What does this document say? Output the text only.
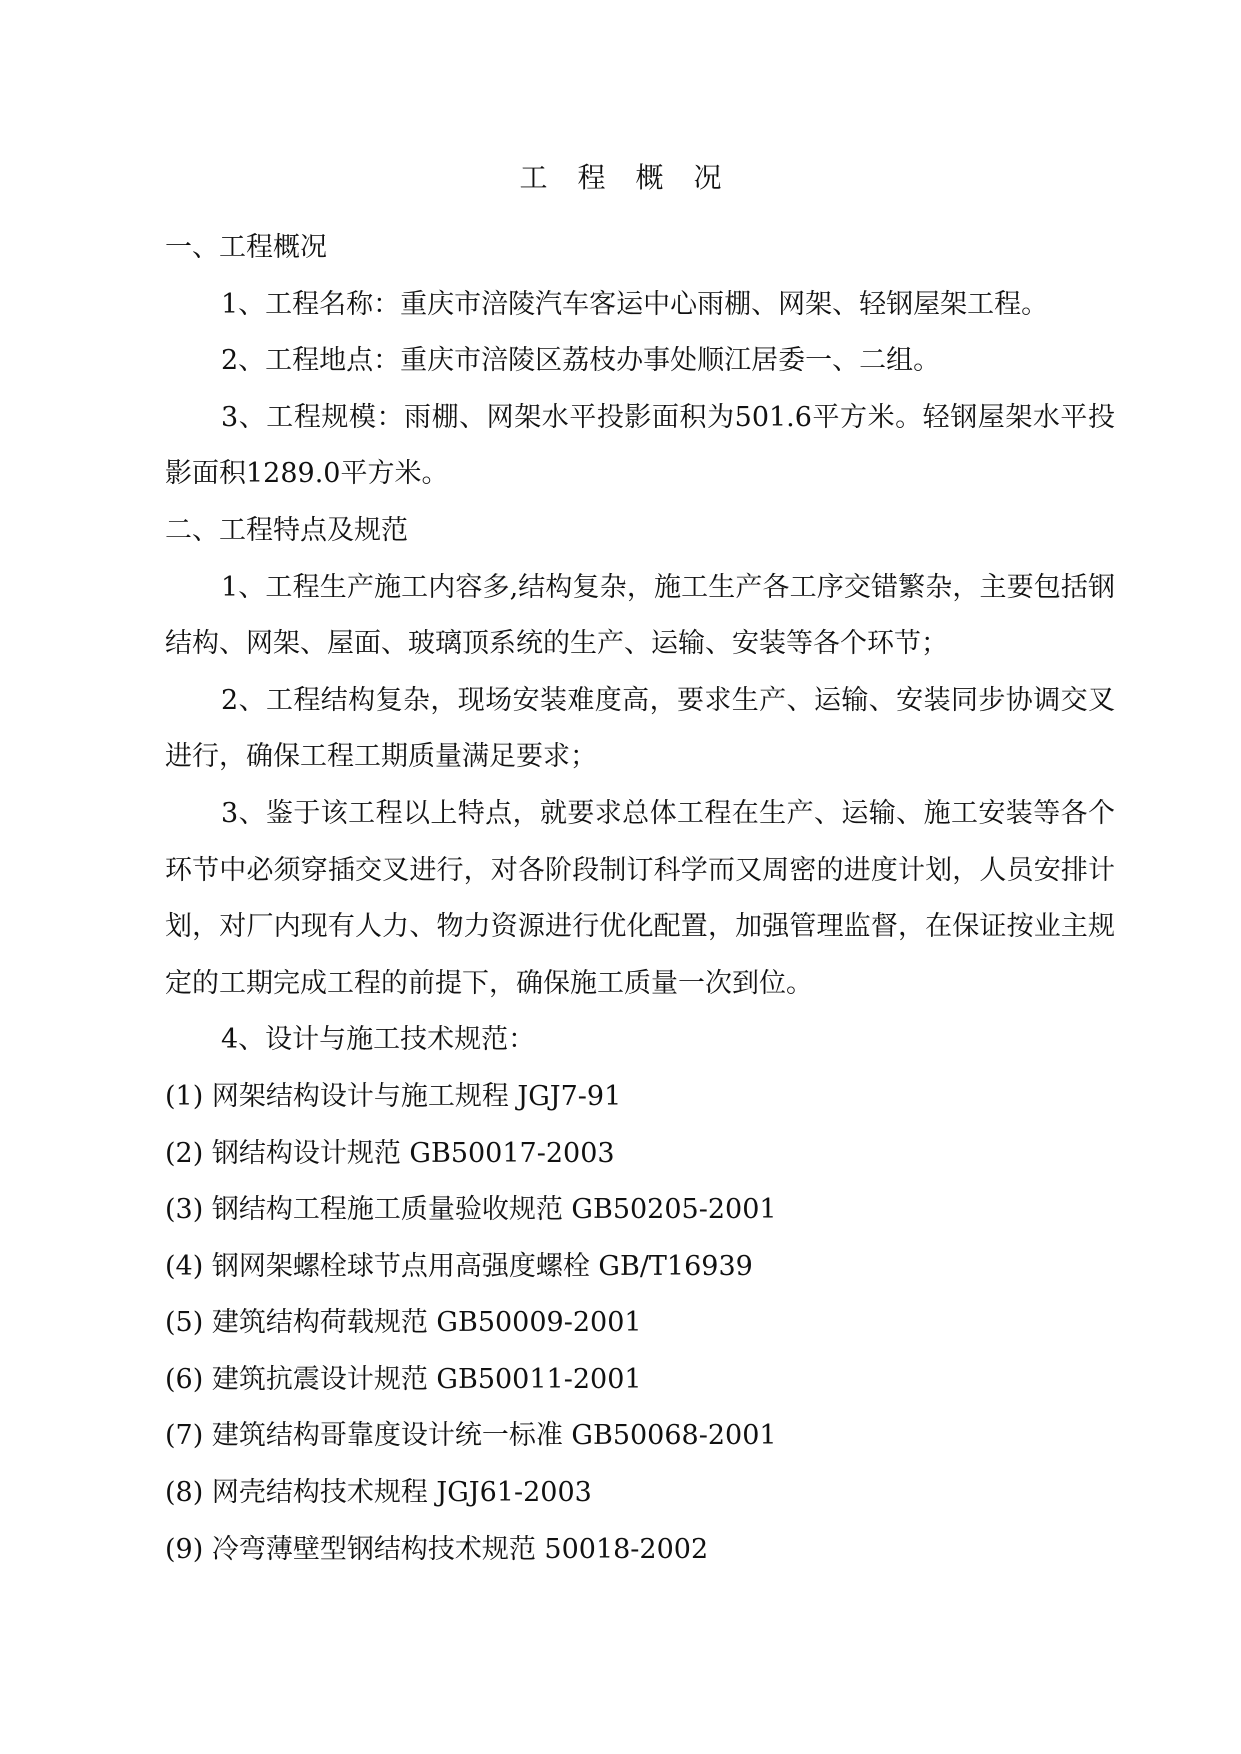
工程概况
一、工程概况

1、工程名称：重庆市涪陵汽车客运中心雨棚、网架、轻钢屋架工程。

2、工程地点：重庆市涪陵区荔枝办事处顺江居委一、二组。

3、工程规模：雨棚、网架水平投影面积为501.6平方米。轻钢屋架水平投影面积1289.0平方米。

二、工程特点及规范

1、工程生产施工内容多,结构复杂，施工生产各工序交错繁杂，主要包括钢结构、网架、屋面、玻璃顶系统的生产、运输、安装等各个环节；

2、工程结构复杂，现场安装难度高，要求生产、运输、安装同步协调交叉进行，确保工程工期质量满足要求；

3、鉴于该工程以上特点，就要求总体工程在生产、运输、施工安装等各个环节中必须穿插交叉进行，对各阶段制订科学而又周密的进度计划，人员安排计划，对厂内现有人力、物力资源进行优化配置，加强管理监督，在保证按业主规定的工期完成工程的前提下，确保施工质量一次到位。

4、设计与施工技术规范：

(1) 网架结构设计与施工规程 JGJ7-91

(2) 钢结构设计规范 GB50017-2003

(3) 钢结构工程施工质量验收规范 GB50205-2001

(4) 钢网架螺栓球节点用高强度螺栓 GB/T16939

(5) 建筑结构荷载规范 GB50009-2001

(6) 建筑抗震设计规范 GB50011-2001

(7) 建筑结构哥靠度设计统一标准 GB50068-2001

(8) 网壳结构技术规程 JGJ61-2003

(9) 冷弯薄壁型钢结构技术规范 50018-2002
